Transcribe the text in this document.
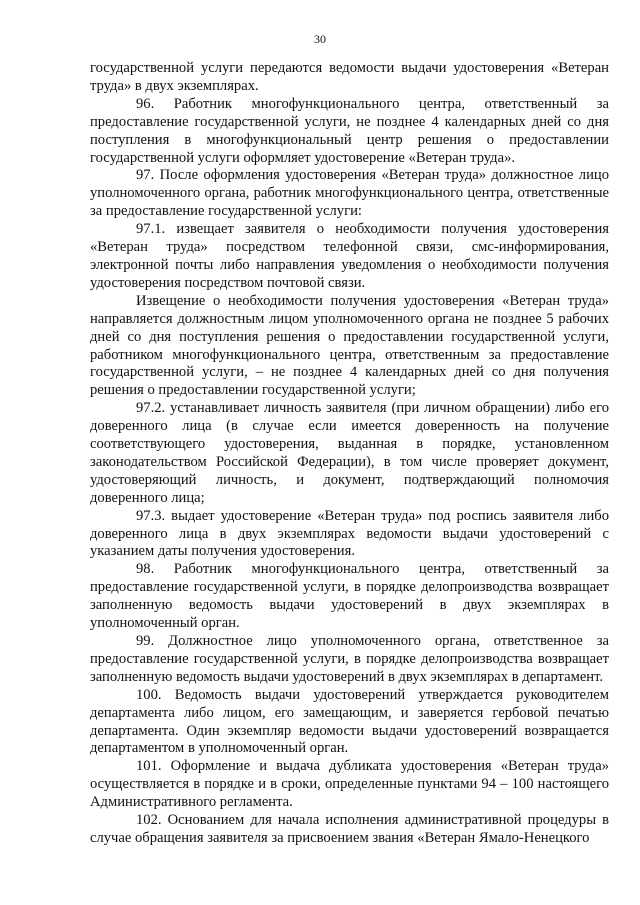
30

государственной услуги передаются ведомости выдачи удостоверения «Ветеран труда» в двух экземплярах.

96. Работник многофункционального центра, ответственный за предоставление государственной услуги, не позднее 4 календарных дней со дня поступления в многофункциональный центр решения о предоставлении государственной услуги оформляет удостоверение «Ветеран труда».

97. После оформления удостоверения «Ветеран труда» должностное лицо уполномоченного органа, работник многофункционального центра, ответственные за предоставление государственной услуги:

97.1. извещает заявителя о необходимости получения удостоверения «Ветеран труда» посредством телефонной связи, смс-информирования, электронной почты либо направления уведомления о необходимости получения удостоверения посредством почтовой связи.

Извещение о необходимости получения удостоверения «Ветеран труда» направляется должностным лицом уполномоченного органа не позднее 5 рабочих дней со дня поступления решения о предоставлении государственной услуги, работником многофункционального центра, ответственным за предоставление государственной услуги, – не позднее 4 календарных дней со дня получения решения о предоставлении государственной услуги;

97.2. устанавливает личность заявителя (при личном обращении) либо его доверенного лица (в случае если имеется доверенность на получение соответствующего удостоверения, выданная в порядке, установленном законодательством Российской Федерации), в том числе проверяет документ, удостоверяющий личность, и документ, подтверждающий полномочия доверенного лица;

97.3. выдает удостоверение «Ветеран труда» под роспись заявителя либо доверенного лица в двух экземплярах ведомости выдачи удостоверений с указанием даты получения удостоверения.

98. Работник многофункционального центра, ответственный за предоставление государственной услуги, в порядке делопроизводства возвращает заполненную ведомость выдачи удостоверений в двух экземплярах в уполномоченный орган.

99. Должностное лицо уполномоченного органа, ответственное за предоставление государственной услуги, в порядке делопроизводства возвращает заполненную ведомость выдачи удостоверений в двух экземплярах в департамент.

100. Ведомость выдачи удостоверений утверждается руководителем департамента либо лицом, его замещающим, и заверяется гербовой печатью департамента. Один экземпляр ведомости выдачи удостоверений возвращается департаментом в уполномоченный орган.

101. Оформление и выдача дубликата удостоверения «Ветеран труда» осуществляется в порядке и в сроки, определенные пунктами 94 – 100 настоящего Административного регламента.

102. Основанием для начала исполнения административной процедуры в случае обращения заявителя за присвоением звания «Ветеран Ямало-Ненецкого
